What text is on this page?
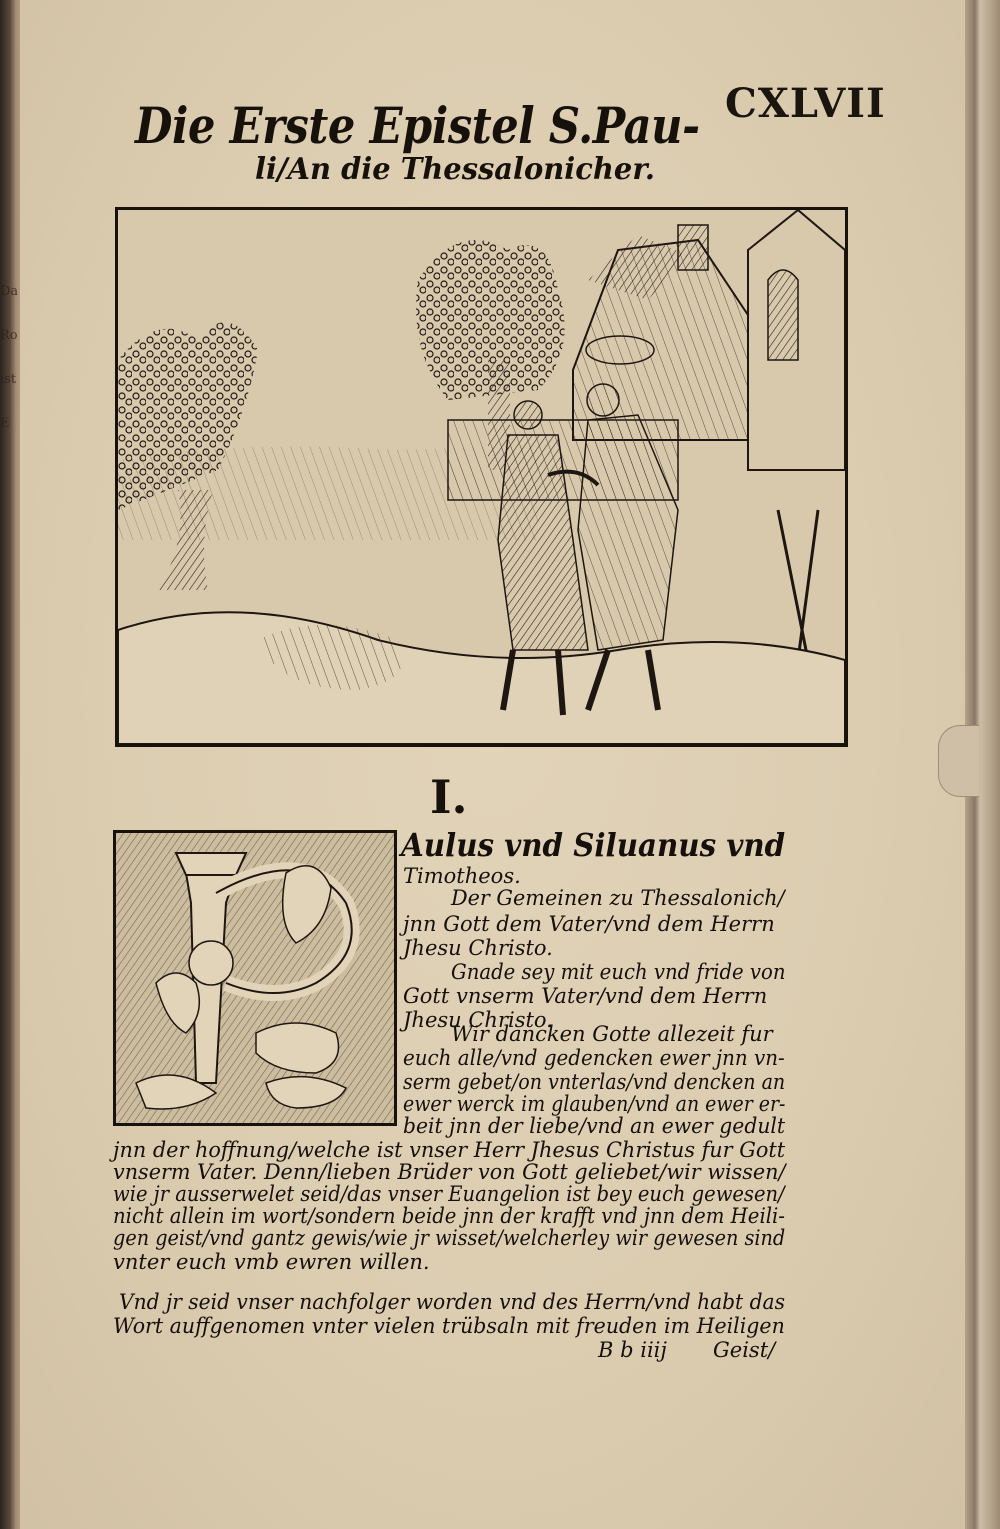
Da
Ro
ist
E
CXLVII
Die Erste Epistel S.Pau-
li/An die Thessalonicher.
I.
Aulus vnd Siluanus vnd
Timotheos.
Der Gemeinen zu Thessalonich/
jnn Gott dem Vater/vnd dem Herrn
Jhesu Christo.
Gnade sey mit euch vnd fride von
Gott vnserm Vater/vnd dem Herrn
Jhesu Christo.
Wir dancken Gotte allezeit fur
euch alle/vnd gedencken ewer jnn vn-
serm gebet/on vnterlas/vnd dencken an
ewer werck im glauben/vnd an ewer er-
beit jnn der liebe/vnd an ewer gedult
jnn der hoffnung/welche ist vnser Herr Jhesus Christus fur Gott
vnserm Vater. Denn/lieben Brüder von Gott geliebet/wir wissen/
wie jr ausserwelet seid/das vnser Euangelion ist bey euch gewesen/
nicht allein im wort/sondern beide jnn der krafft vnd jnn dem Heili-
gen geist/vnd gantz gewis/wie jr wisset/welcherley wir gewesen sind
vnter euch vmb ewren willen.
Vnd jr seid vnser nachfolger worden vnd des Herrn/vnd habt das
Wort auffgenomen vnter vielen trübsaln mit freuden im Heiligen
B b iiij Geist/
